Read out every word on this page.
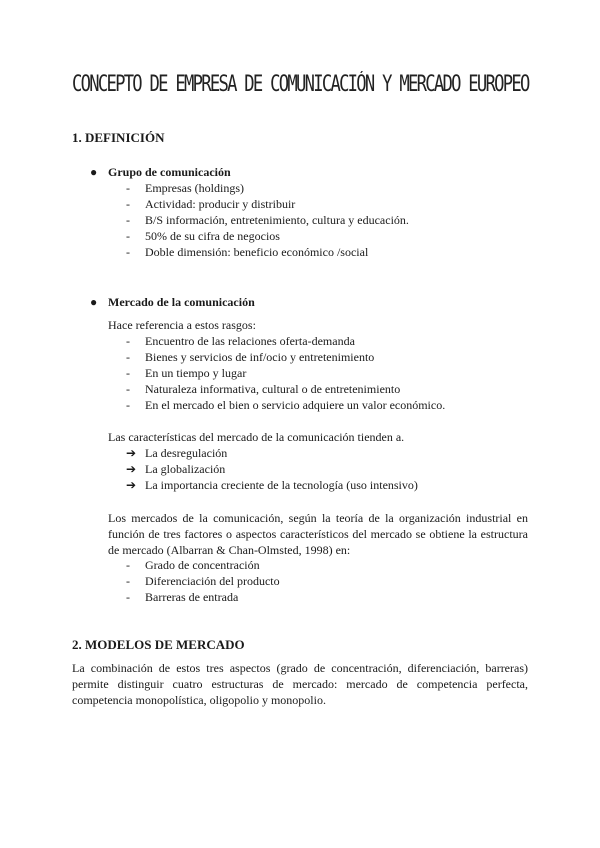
CONCEPTO DE EMPRESA DE COMUNICACIÓN Y MERCADO EUROPEO
1. DEFINICIÓN
● Grupo de comunicación
- Empresas (holdings)
- Actividad: producir y distribuir
- B/S información, entretenimiento, cultura y educación.
- 50% de su cifra de negocios
- Doble dimensión: beneficio económico /social
● Mercado de la comunicación
Hace referencia a estos rasgos:
- Encuentro de las relaciones oferta-demanda
- Bienes y servicios de inf/ocio y entretenimiento
- En un tiempo y lugar
- Naturaleza informativa, cultural o de entretenimiento
- En el mercado el bien o servicio adquiere un valor económico.
Las características del mercado de la comunicación tienden a.
➔ La desregulación
➔ La globalización
➔ La importancia creciente de la tecnología (uso intensivo)
Los mercados de la comunicación, según la teoría de la organización industrial en función de tres factores o aspectos característicos del mercado se obtiene la estructura de mercado (Albarran & Chan-Olmsted, 1998) en:
- Grado de concentración
- Diferenciación del producto
- Barreras de entrada
2. MODELOS DE MERCADO
La combinación de estos tres aspectos (grado de concentración, diferenciación, barreras) permite distinguir cuatro estructuras de mercado: mercado de competencia perfecta, competencia monopolística, oligopolio y monopolio.
